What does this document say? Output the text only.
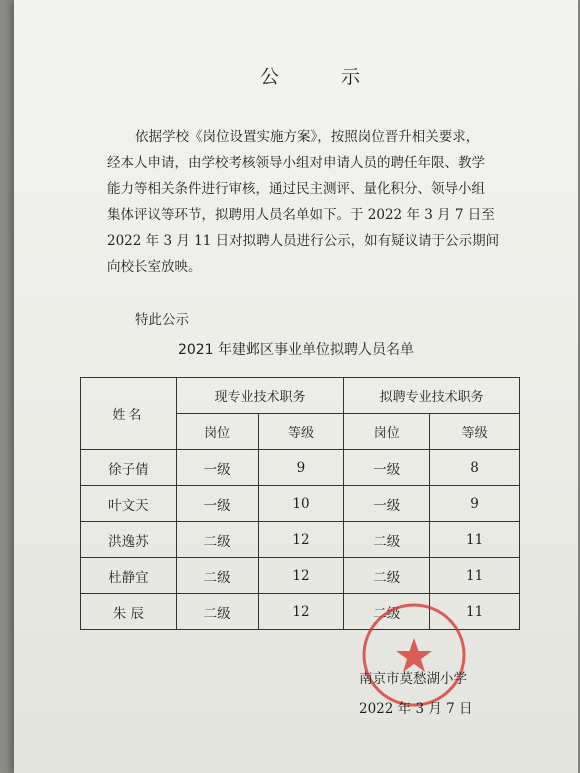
公 示
依据学校《岗位设置实施方案》，按照岗位晋升相关要求，
经本人申请，由学校考核领导小组对申请人员的聘任年限、教学
能力等相关条件进行审核，通过民主测评、量化积分、领导小组
集体评议等环节，拟聘用人员名单如下。于 2022 年 3 月 7 日至
2022 年 3 月 11 日对拟聘人员进行公示，如有疑议请于公示期间
向校长室放映。
特此公示
2021 年建邺区事业单位拟聘人员名单
姓名	现专业技术职务		拟聘专业技术职务	
	岗位	等级	岗位	等级
徐子倩	一级	9	一级	8
叶文天	一级	10	一级	9
洪逸苏	二级	12	二级	11
杜静宜	二级	12	二级	11
朱 辰	二级	12	二级	11
南京市莫愁湖小学
2022 年 3 月 7 日
